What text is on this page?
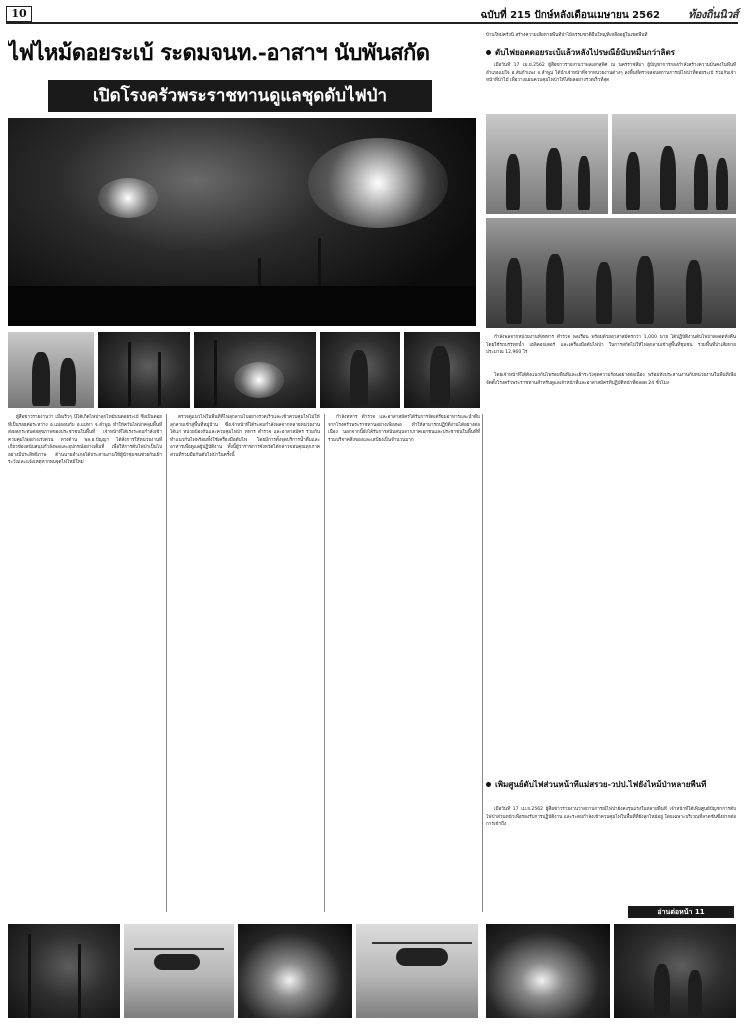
10	ฉบับที่ 215 ปักษ์หลังเดือนเมษายน 2562	ท้องถิ่นนิวส์
ไฟไหม้ดอยระเบ้ ระดมจนท.-อาสาฯ นับพันสกัด
เปิดโรงครัวพระราชทานดูแลชุดดับไฟป่า
บ้านใหม่ครั้งนี้ สร้างความเสียหายพื้นที่ป่าไม้ธรรมชาติผืนใหญ่ที่เหลืออยู่ในเขตพื้นที่
ดับไฟยอดดอยระเบ้แล้วหลังไปรษณีย์นับหมื่นกว่าลิตร

เมื่อวันที่ 17 เม.ย.2562 ผู้สื่อข่าวรายงานว่าพลเอกสุพิศ ณ นครราชสีมา ผู้บัญชาการกองกำลังสร้างความมั่นคงในพื้นที่อำเภอแม่ใจ อ.สันกำแพง จ.ลำพูน ได้นำเจ้าหน้าที่จากหน่วยงานต่างๆ ลงพื้นที่ตรวจสอบสถานการณ์ไฟป่าที่ดอยระเบ้ ร่วมกับเจ้าหน้าที่ป่าไม้ เพื่อวางแผนควบคุมไฟป่าให้ได้ผลอย่างรวดเร็วที่สุด

กำลังพลจากหน่วยงานทั้งทหาร ตำรวจ พลเรือน พร้อมด้วยอาสาสมัครกว่า 1,000 นาย ได้ปฏิบัติงานดับไฟป่าตลอดทั้งคืน โดยใช้รถบรรทุกน้ำ เฮลิคอปเตอร์ และเครื่องมือดับไฟป่า ในการสกัดไม่ให้ไฟลุกลามเข้าสู่พื้นที่ชุมชน รวมพื้นที่ป่าเสียหายประมาณ 12,960 ไร่

ผู้สื่อข่าวรายงานว่า เมื่อเร็วๆ นี้ได้เกิดไฟป่าลุกไหม้บนดอยระเบ้ ซึ่งเป็นดอยที่เป็นรอยต่อระหว่าง อ.แม่ออนกับ อ.แม่ทา จ.ลำพูน ทำให้ควันไฟปกคลุมพื้นที่ ส่งผลกระทบต่อสุขภาพของประชาชนในพื้นที่ เจ้าหน้าที่ได้เร่งระดมกำลังเข้าควบคุมไฟอย่างเร่งด่วน ทางด้าน พล.อ.ปัญญา ได้สั่งการให้หน่วยงานที่เกี่ยวข้องสนับสนุนกำลังพลและอุปกรณ์อย่างเต็มที่ เพื่อให้การดับไฟป่าเป็นไปอย่างมีประสิทธิภาพ ด้านนายอำเภอได้ประสานงานให้ผู้นำชุมชนช่วยกันเฝ้าระวังและแจ้งเหตุหากพบจุดไฟไหม้ใหม่

ตรวจดูแนวไฟในพื้นที่ที่ไฟลุกลามไปอย่างรวดเร็วและเข้าควบคุมไฟไม่ให้ลุกลามเข้าสู่พื้นที่หมู่บ้าน ซึ่งเจ้าหน้าที่ได้ระดมกำลังพลจากหลายหน่วยงาน ได้แก่ หน่วยป้องกันและควบคุมไฟป่า ทหาร ตำรวจ และอาสาสมัคร ร่วมกันทำแนวกันไฟพร้อมทั้งใช้เครื่องมือดับไฟ โดยมีการตั้งจุดบริการน้ำดื่มและอาหารเพื่อดูแลผู้ปฏิบัติงาน ทั้งนี้ผู้ว่าราชการจังหวัดได้กล่าวขอบคุณทุกภาคส่วนที่ร่วมมือกันดับไฟป่าในครั้งนี้

กำลังทหาร ตำรวจ และอาสาสมัครได้รับการจัดเตรียมอาหารและน้ำดื่มจากโรงครัวพระราชทานอย่างเพียงพอ ทำให้สามารถปฏิบัติงานได้อย่างต่อเนื่อง นอกจากนี้ยังได้รับการสนับสนุนจากภาคเอกชนและประชาชนในพื้นที่ที่ร่วมบริจาคสิ่งของและเสบียงเป็นจำนวนมาก

โดยเจ้าหน้าที่ได้ตั้งแนวกันไฟรอบพื้นที่และเฝ้าระวังจุดความร้อนอย่างต่อเนื่อง พร้อมทั้งประสานงานกับหน่วยงานในพื้นที่เพื่อจัดตั้งโรงครัวพระราชทานสำหรับดูแลเจ้าหน้าที่และอาสาสมัครที่ปฏิบัติหน้าที่ตลอด 24 ชั่วโมง

เพิ่มศูนย์ดับไฟส่วนหน้าที่แม่สรวย-วปป.ไฟยังไหม้ป่าหลายพื้นที่

เมื่อวันที่ 17 เม.ย.2562 ผู้สื่อข่าวรายงานว่าสถานการณ์ไฟป่ายังคงรุนแรงในหลายพื้นที่ เจ้าหน้าที่ได้เพิ่มศูนย์บัญชาการดับไฟป่าส่วนหน้าเพื่อรองรับการปฏิบัติงาน และระดมกำลังเข้าควบคุมไฟในพื้นที่ที่ยังลุกไหม้อยู่ โดยเฉพาะบริเวณที่ลาดชันซึ่งยากต่อการเข้าถึง

อ่านต่อหน้า 11
